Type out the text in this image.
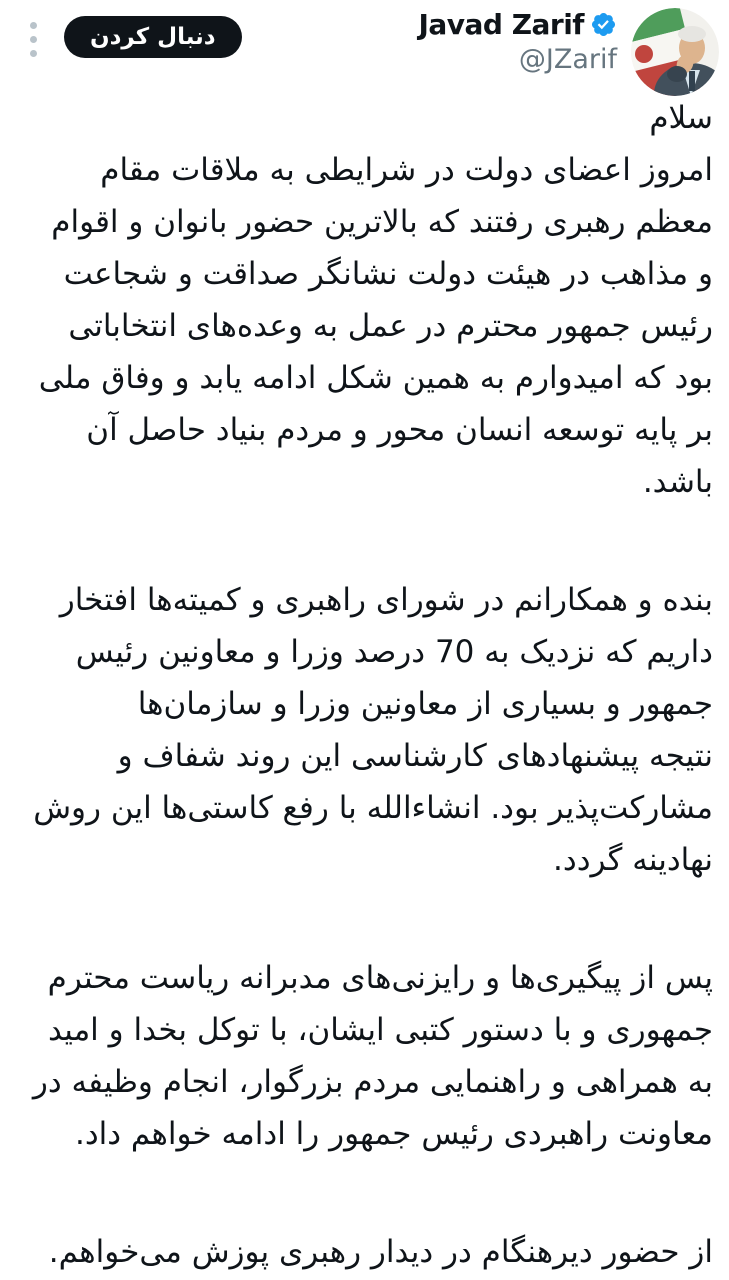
دنبال کردن	Javad Zarif
@JZarif
سلام
امروز اعضای دولت در شرایطی به ملاقات مقام
معظم رهبری رفتند که بالاترین حضور بانوان و اقوام
و مذاهب در هیئت دولت نشانگر صداقت و شجاعت
رئیس جمهور محترم در عمل به وعده‌های انتخاباتی
بود که امیدوارم به همین شکل ادامه یابد و وفاق ملی
بر پایه توسعه انسان محور و مردم بنیاد حاصل آن
باشد.
بنده و همکارانم در شورای راهبری و کمیته‌ها افتخار
داریم که نزدیک به 70 درصد وزرا و معاونین رئیس
جمهور و بسیاری از معاونین وزرا و سازمان‌ها
نتیجه پیشنهادهای کارشناسی این روند شفاف و
مشارکت‌پذیر بود. انشاءالله با رفع کاستی‌ها این روش
نهادینه گردد.
پس از پیگیری‌ها و رایزنی‌های مدبرانه ریاست محترم
جمهوری و با دستور کتبی ایشان، با توکل بخدا و امید
به همراهی و راهنمایی مردم بزرگوار، انجام وظیفه در
معاونت راهبردی رئیس جمهور را ادامه خواهم داد.
از حضور دیرهنگام در دیدار رهبری پوزش می‌خواهم.
